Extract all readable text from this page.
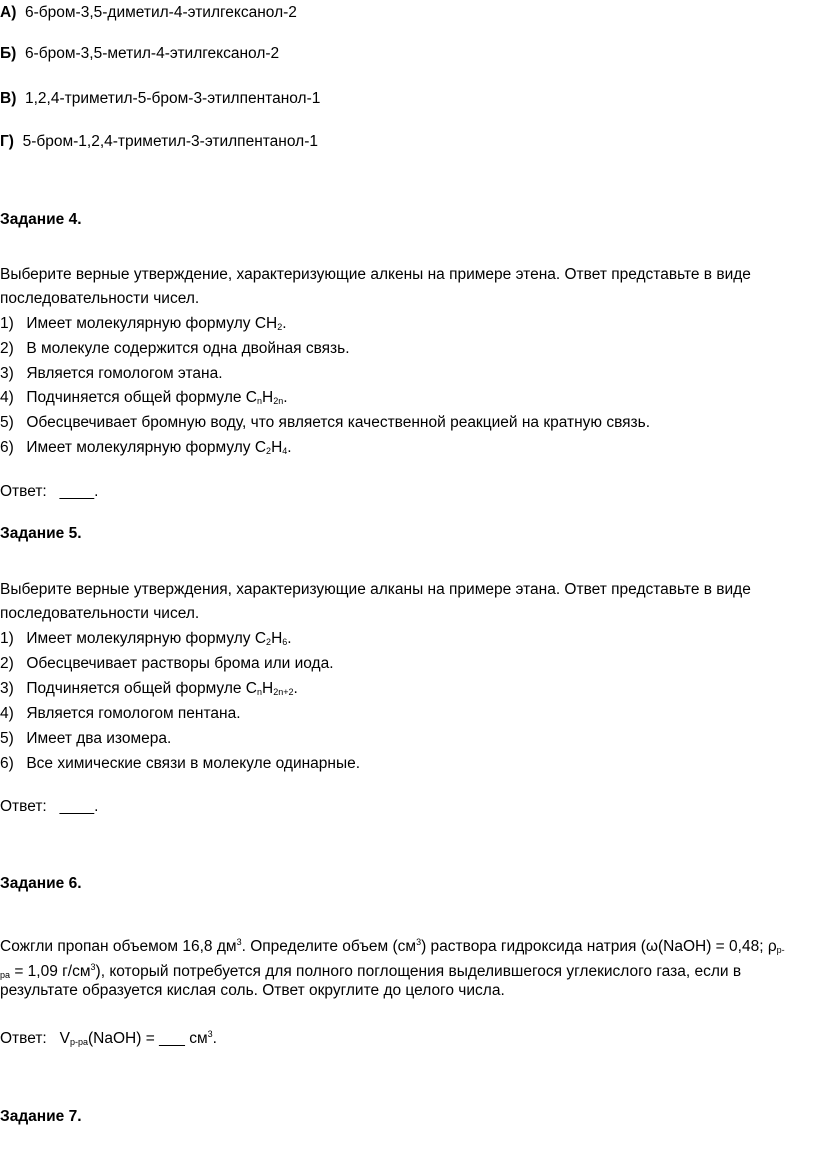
А) 6-бром-3,5-диметил-4-этилгексанол-2
Б) 6-бром-3,5-метил-4-этилгексанол-2
В) 1,2,4-триметил-5-бром-3-этилпентанол-1
Г) 5-бром-1,2,4-триметил-3-этилпентанол-1
Задание 4.
Выберите верные утверждение, характеризующие алкены на примере этена. Ответ представьте в виде
последовательности чисел.
1) Имеет молекулярную формулу $CH_2$.
2) В молекуле содержится одна двойная связь.
3) Является гомологом этана.
4) Подчиняется общей формуле $C_nH_{2n}$.
5) Обесцвечивает бромную воду, что является качественной реакцией на кратную связь.
6) Имеет молекулярную формулу $C_2H_4$.
Ответ:   ____.
Задание 5.
Выберите верные утверждения, характеризующие алканы на примере этана. Ответ представьте в виде
последовательности чисел.
1) Имеет молекулярную формулу $C_2H_6$.
2) Обесцвечивает растворы брома или иода.
3) Подчиняется общей формуле $C_nH_{2n+2}$.
4) Является гомологом пентана.
5) Имеет два изомера.
6) Все химические связи в молекуле одинарные.
Ответ:   ____.
Задание 6.
Сожгли пропан объемом 16,8 $дм^3$. Определите объем $(см^3)$ раствора гидроксида натрия (ω(NaOH) = 0,48; $\rho_{р-}$
$_{ра}$ = 1,09 $г/см^3$), который потребуется для полного поглощения выделившегося углекислого газа, если в
результате образуется кислая соль. Ответ округлите до целого числа.
Ответ:   $V_{р-ра}(NaOH)$ = ___ $см^3$.
Задание 7.
